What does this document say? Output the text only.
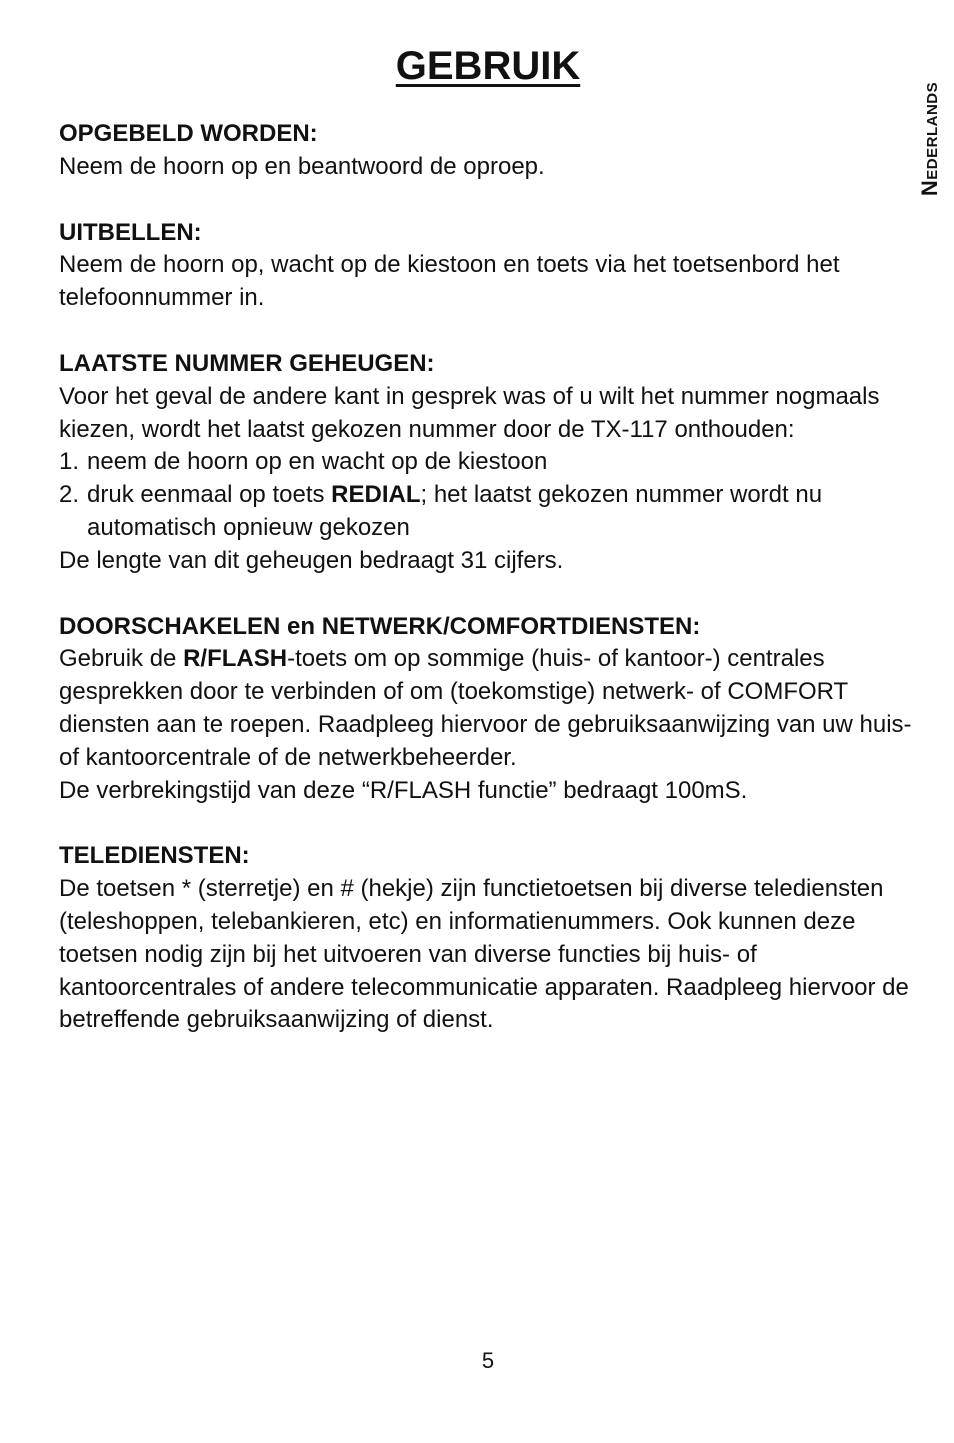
GEBRUIK
Nederlands
OPGEBELD WORDEN:

Neem de hoorn op en beantwoord de oproep.

UITBELLEN:

Neem de hoorn op, wacht op de kiestoon en toets via het toetsenbord het telefoonnummer in.

LAATSTE NUMMER GEHEUGEN:

Voor het geval de andere kant in gesprek was of u wilt het nummer nogmaals kiezen, wordt het laatst gekozen nummer door de TX-117 onthouden:

1. neem de hoorn op en wacht op de kiestoon
2. druk eenmaal op toets REDIAL; het laatst gekozen nummer wordt nu automatisch opnieuw gekozen

De lengte van dit geheugen bedraagt 31 cijfers.

DOORSCHAKELEN en NETWERK/COMFORTDIENSTEN:

Gebruik de R/FLASH-toets om op sommige (huis- of kantoor-) centrales gesprekken door te verbinden of om (toekomstige) netwerk- of COMFORT diensten aan te roepen. Raadpleeg hiervoor de gebruiksaanwijzing van uw huis- of kantoorcentrale of de netwerkbeheerder.

De verbrekingstijd van deze “R/FLASH functie” bedraagt 100mS.

TELEDIENSTEN:

De toetsen * (sterretje) en # (hekje) zijn functietoetsen bij diverse telediensten (teleshoppen, telebankieren, etc) en informatienummers. Ook kunnen deze toetsen nodig zijn bij het uitvoeren van diverse functies bij huis- of kantoorcentrales of andere telecommunicatie apparaten. Raadpleeg hiervoor de betreffende gebruiksaanwijzing of dienst.

5
